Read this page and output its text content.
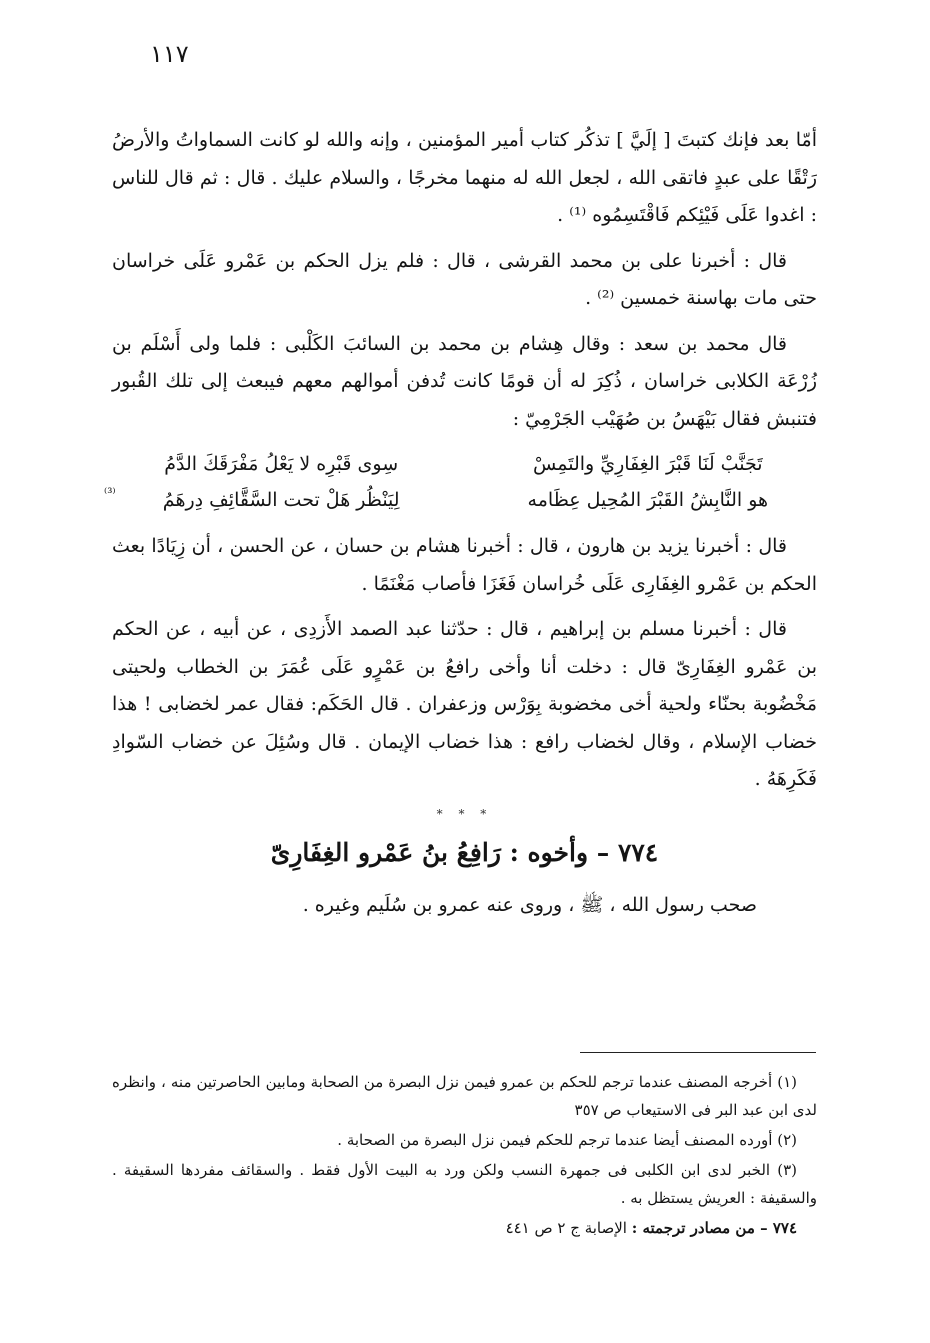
١١٧

أمّا بعد فإنك كتبتَ [ إلَيَّ ] تذكُر كتاب أمير المؤمنين ، وإنه والله لو كانت السماواتُ والأرضُ رَتْقًا على عبدٍ فاتقى الله ، لجعل الله له منهما مخرجًا ، والسلام عليك . قال : ثم قال للناس : اغدوا عَلَى فَيْئِكم فَاقْتَسِمُوه ⁽¹⁾ .

قال : أخبرنا على بن محمد القرشى ، قال : فلم يزل الحكم بن عَمْرو عَلَى خراسان حتى مات بهاسنة خمسين ⁽²⁾ .

قال محمد بن سعد : وقال هِشام بن محمد بن السائبَ الكَلْبى : فلما ولى أَسْلَم بن زُرْعَة الكلابى خراسان ، ذُكِرَ له أن قومًا كانت تُدفن أموالهم معهم فيبعث إلى تلك القُبور فتنبش فقال بَيْهَسُ بن صُهَيْب الجَرْمِيّ :

تَجَنَّبْ لَنَا قَبْرَ الغِفَارِيِّ والتَمِسْ
سِوى قَبْرِه لا يَعْلُ مَفْرَقَكَ الدَّمُ
هو النَّابِشُ القَبْرَ المُحِيل عِظَامه
لِيَنْظُر هَلْ تحت السَّقَّائِفِ دِرهَمُ
⁽³⁾

قال : أخبرنا يزيد بن هارون ، قال : أخبرنا هشام بن حسان ، عن الحسن ، أن زِيَادًا بعث الحكم بن عَمْرو الغِفَارِى عَلَى خُراسان فَغَزَا فأصاب مَغْنَمًا .

قال : أخبرنا مسلم بن إبراهيم ، قال : حدّثنا عبد الصمد الأَزدِى ، عن أبيه ، عن الحكم بن عَمْرو الغِفَارِىّ قال : دخلت أنا وأخى رافعُ بن عَمْرٍو عَلَى عُمَرَ بن الخطاب ولحيتى مَخْضُوبة بحنّاء ولحية أخى مخضوبة بِوَرْس وزعفران . قال الحَكَم: فقال عمر لخضابى ! هذا خضاب الإسلام ، وقال لخضاب رافع : هذا خضاب الإيمان . قال وسُئِلَ عن خضاب السّوادِ فَكَرِهَهُ .

* * *
٧٧٤ – وأخوه : رَافِعُ بنُ عَمْرو الغِفَارِىّ

صحب رسول الله ، ﷺ ، وروى عنه عمرو بن سُلَيم وغيره .

(١) أخرجه المصنف عندما ترجم للحكم بن عمرو فيمن نزل البصرة من الصحابة ومابين الحاصرتين منه ، وانظره لدى ابن عبد البر فى الاستيعاب ص ٣٥٧

(٢) أورده المصنف أيضا عندما ترجم للحكم فيمن نزل البصرة من الصحابة .

(٣) الخبر لدى ابن الكلبى فى جمهرة النسب ولكن ورد به البيت الأول فقط . والسقائف مفردها السقيفة . والسقيفة : العريش يستظل به .

٧٧٤ – من مصادر ترجمته : الإصابة ج ٢ ص ٤٤١
